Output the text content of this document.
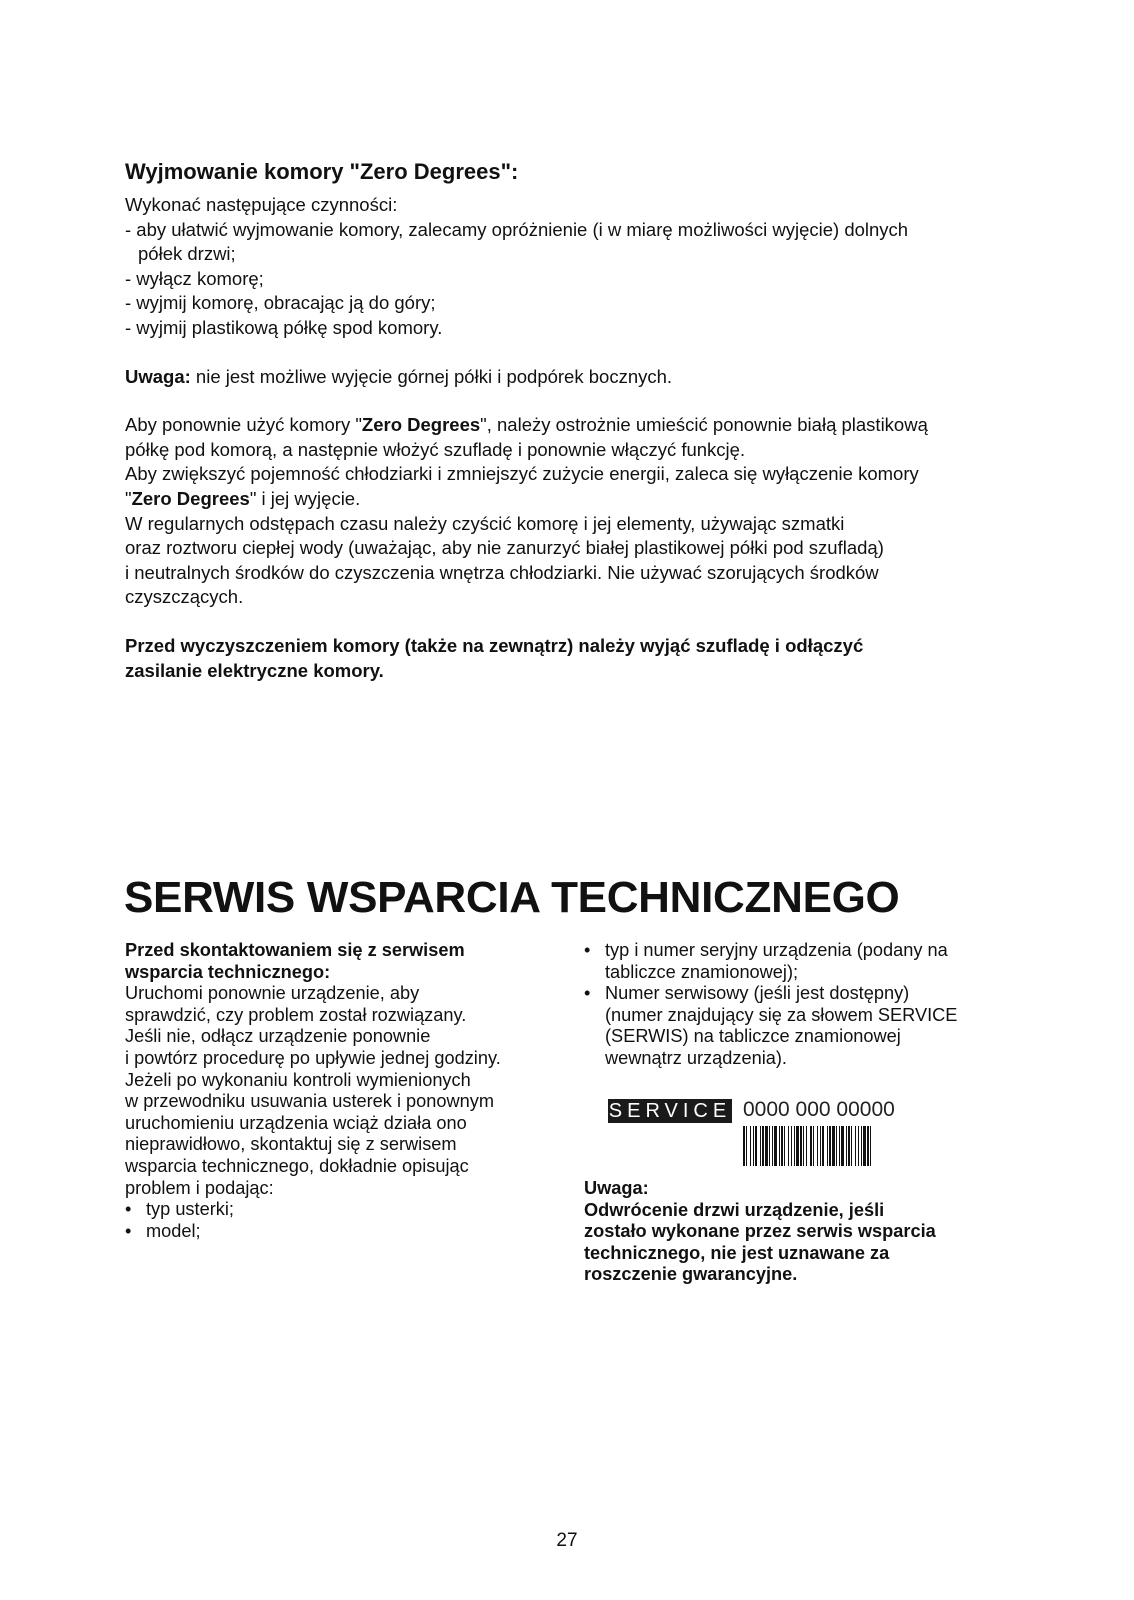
Wyjmowanie komory "Zero Degrees":

Wykonać następujące czynności:

- aby ułatwić wyjmowanie komory, zalecamy opróżnienie (i w miarę możliwości wyjęcie) dolnych

półek drzwi;

- wyłącz komorę;

- wyjmij komorę, obracając ją do góry;

- wyjmij plastikową półkę spod komory.

Uwaga: nie jest możliwe wyjęcie górnej półki i podpórek bocznych.

Aby ponownie użyć komory "Zero Degrees", należy ostrożnie umieścić ponownie białą plastikową

półkę pod komorą, a następnie włożyć szufladę i ponownie włączyć funkcję.

Aby zwiększyć pojemność chłodziarki i zmniejszyć zużycie energii, zaleca się wyłączenie komory

"Zero Degrees" i jej wyjęcie.

W regularnych odstępach czasu należy czyścić komorę i jej elementy, używając szmatki

oraz roztworu ciepłej wody (uważając, aby nie zanurzyć białej plastikowej półki pod szufladą)

i neutralnych środków do czyszczenia wnętrza chłodziarki. Nie używać szorujących środków

czyszczących.

Przed wyczyszczeniem komory (także na zewnątrz) należy wyjąć szufladę i odłączyć

zasilanie elektryczne komory.

SERWIS WSPARCIA TECHNICZNEGO

Przed skontaktowaniem się z serwisem

wsparcia technicznego:

Uruchomi ponownie urządzenie, aby

sprawdzić, czy problem został rozwiązany.

Jeśli nie, odłącz urządzenie ponownie

i powtórz procedurę po upływie jednej godziny.

Jeżeli po wykonaniu kontroli wymienionych

w przewodniku usuwania usterek i ponownym

uruchomieniu urządzenia wciąż działa ono

nieprawidłowo, skontaktuj się z serwisem

wsparcia technicznego, dokładnie opisując

problem i podając:

• typ usterki;
• model;
• typ i numer seryjny urządzenia (podany na
tabliczce znamionowej);
• Numer serwisowy (jeśli jest dostępny)
(numer znajdujący się za słowem SERVICE
(SERWIS) na tabliczce znamionowej
wewnątrz urządzenia).
SERVICE 0000 000 00000

Uwaga:

Odwrócenie drzwi urządzenie, jeśli

zostało wykonane przez serwis wsparcia

technicznego, nie jest uznawane za

roszczenie gwarancyjne.

27
